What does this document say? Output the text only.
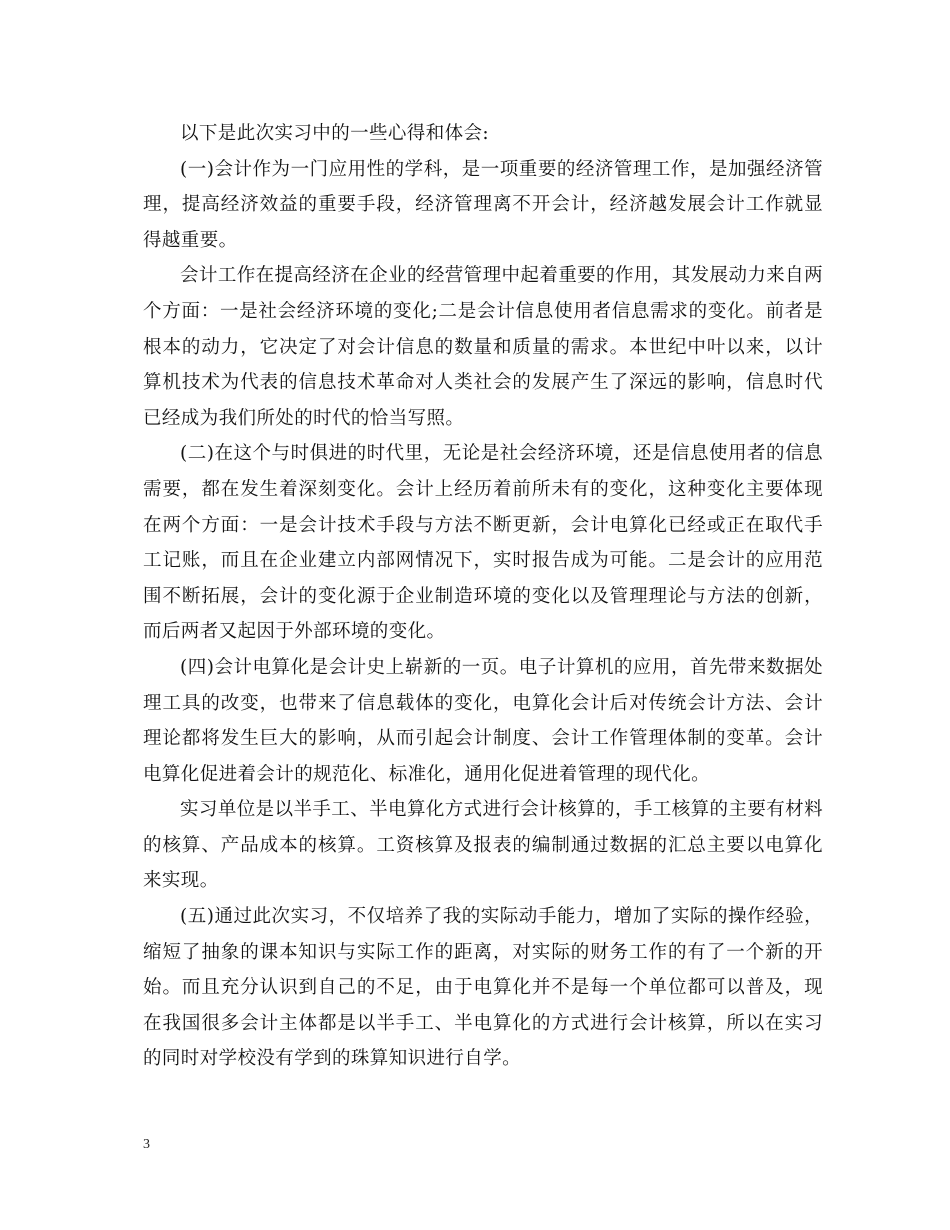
以下是此次实习中的一些心得和体会:

(一)会计作为一门应用性的学科，是一项重要的经济管理工作，是加强经济管理，提高经济效益的重要手段，经济管理离不开会计，经济越发展会计工作就显得越重要。

会计工作在提高经济在企业的经营管理中起着重要的作用，其发展动力来自两个方面：一是社会经济环境的变化;二是会计信息使用者信息需求的变化。前者是根本的动力，它决定了对会计信息的数量和质量的需求。本世纪中叶以来，以计算机技术为代表的信息技术革命对人类社会的发展产生了深远的影响，信息时代已经成为我们所处的时代的恰当写照。

(二)在这个与时俱进的时代里，无论是社会经济环境，还是信息使用者的信息需要，都在发生着深刻变化。会计上经历着前所未有的变化，这种变化主要体现在两个方面：一是会计技术手段与方法不断更新，会计电算化已经或正在取代手工记账，而且在企业建立内部网情况下，实时报告成为可能。二是会计的应用范围不断拓展，会计的变化源于企业制造环境的变化以及管理理论与方法的创新，而后两者又起因于外部环境的变化。

(四)会计电算化是会计史上崭新的一页。电子计算机的应用，首先带来数据处理工具的改变，也带来了信息载体的变化，电算化会计后对传统会计方法、会计理论都将发生巨大的影响，从而引起会计制度、会计工作管理体制的变革。会计电算化促进着会计的规范化、标准化，通用化促进着管理的现代化。

实习单位是以半手工、半电算化方式进行会计核算的，手工核算的主要有材料的核算、产品成本的核算。工资核算及报表的编制通过数据的汇总主要以电算化来实现。

(五)通过此次实习，不仅培养了我的实际动手能力，增加了实际的操作经验，缩短了抽象的课本知识与实际工作的距离，对实际的财务工作的有了一个新的开始。而且充分认识到自己的不足，由于电算化并不是每一个单位都可以普及，现在我国很多会计主体都是以半手工、半电算化的方式进行会计核算，所以在实习的同时对学校没有学到的珠算知识进行自学。

3
